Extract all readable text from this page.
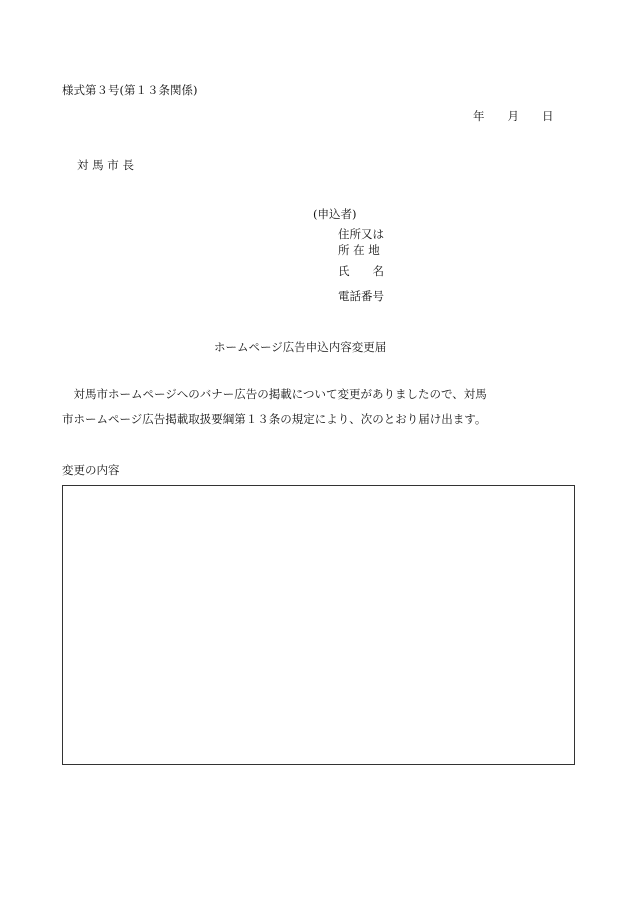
様式第３号(第１３条関係)
年　　月　　日
対 馬 市 長
(申込者)
住所又は
所 在 地
氏　　名
電話番号
ホームページ広告申込内容変更届
　対馬市ホームページへのバナー広告の掲載について変更がありましたので、対馬
市ホームページ広告掲載取扱要綱第１３条の規定により、次のとおり届け出ます。
変更の内容
